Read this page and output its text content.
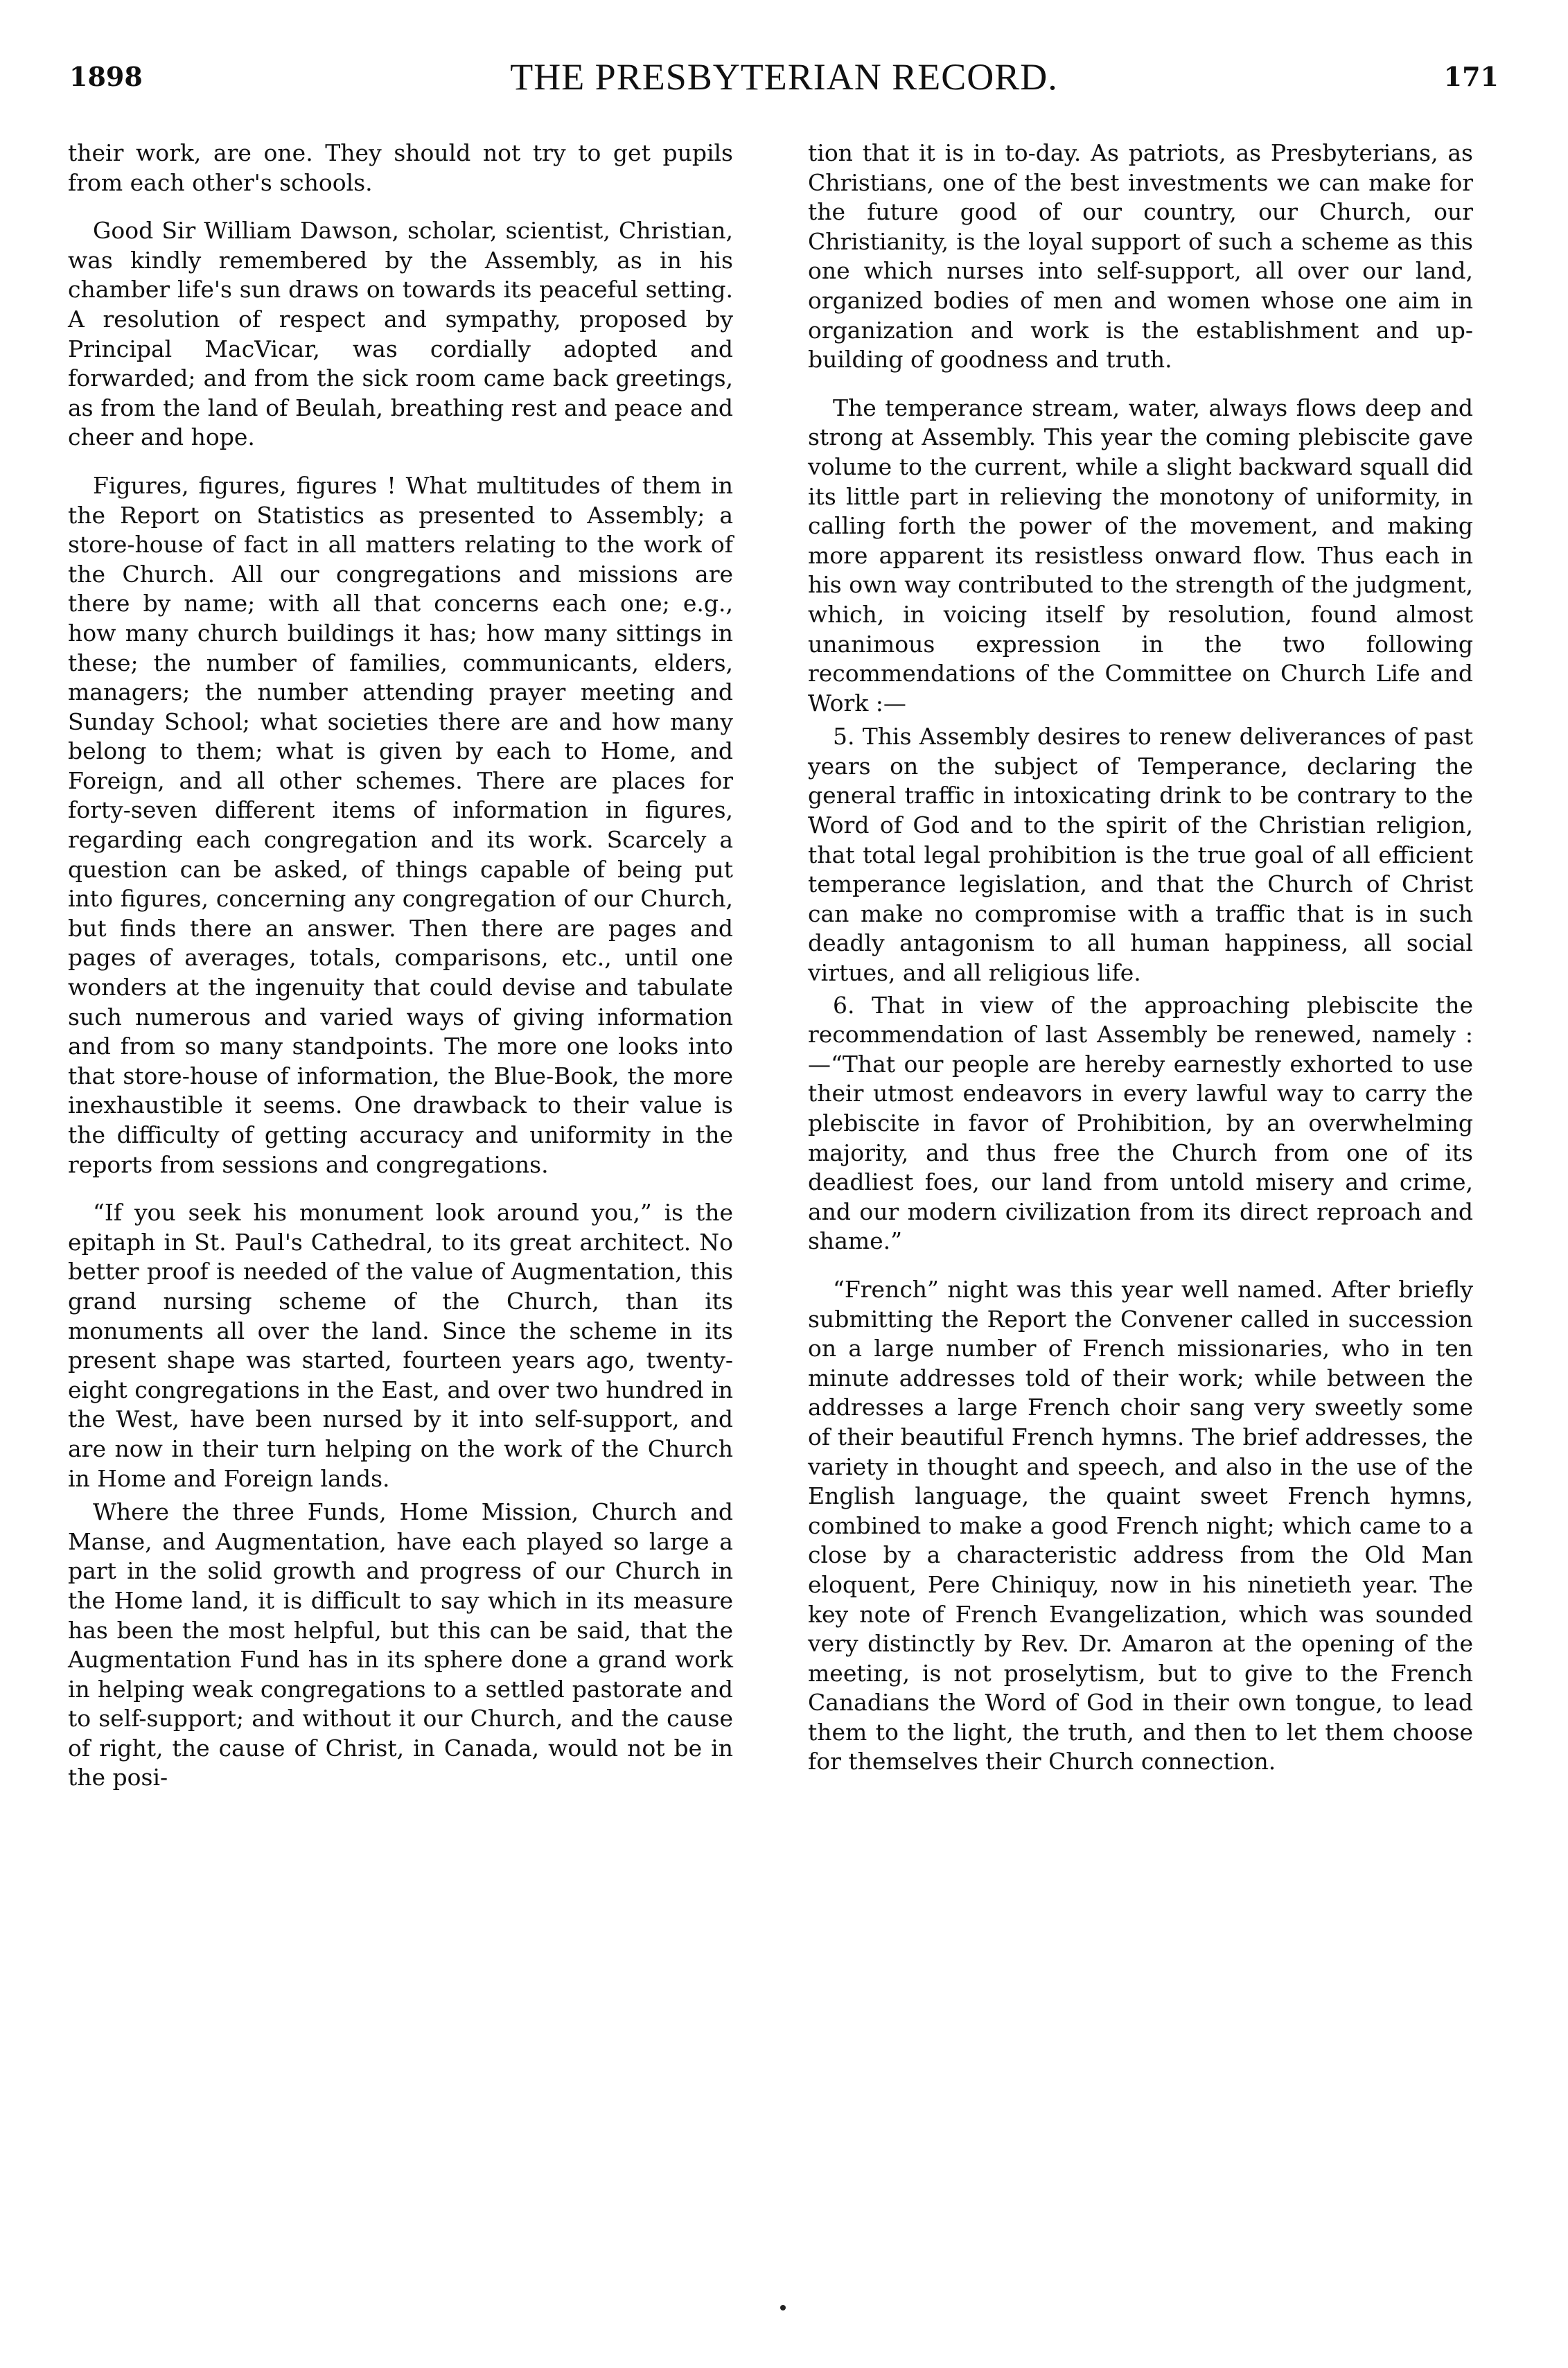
1898	THE PRESBYTERIAN RECORD.	171

their work, are one. They should not try to get pupils from each other's schools.

Good Sir William Dawson, scholar, scientist, Christian, was kindly remembered by the Assembly, as in his chamber life's sun draws on towards its peaceful setting. A resolution of respect and sympathy, proposed by Principal MacVicar, was cordially adopted and forwarded; and from the sick room came back greetings, as from the land of Beulah, breathing rest and peace and cheer and hope.

Figures, figures, figures ! What multitudes of them in the Report on Statistics as presented to Assembly; a store-house of fact in all matters relating to the work of the Church. All our congregations and missions are there by name; with all that concerns each one; e.g., how many church buildings it has; how many sittings in these; the number of families, communicants, elders, managers; the number attending prayer meeting and Sunday School; what societies there are and how many belong to them; what is given by each to Home, and Foreign, and all other schemes. There are places for forty-seven different items of information in figures, regarding each congregation and its work. Scarcely a question can be asked, of things capable of being put into figures, concerning any congregation of our Church, but finds there an answer. Then there are pages and pages of averages, totals, comparisons, etc., until one wonders at the ingenuity that could devise and tabulate such numerous and varied ways of giving information and from so many standpoints. The more one looks into that store-house of information, the Blue-Book, the more inexhaustible it seems. One drawback to their value is the difficulty of getting accuracy and uniformity in the reports from sessions and congregations.

“If you seek his monument look around you,” is the epitaph in St. Paul's Cathedral, to its great architect. No better proof is needed of the value of Augmentation, this grand nursing scheme of the Church, than its monuments all over the land. Since the scheme in its present shape was started, fourteen years ago, twenty-eight congregations in the East, and over two hundred in the West, have been nursed by it into self-support, and are now in their turn helping on the work of the Church in Home and Foreign lands.

Where the three Funds, Home Mission, Church and Manse, and Augmentation, have each played so large a part in the solid growth and progress of our Church in the Home land, it is difficult to say which in its measure has been the most helpful, but this can be said, that the Augmentation Fund has in its sphere done a grand work in helping weak congregations to a settled pastorate and to self-support; and without it our Church, and the cause of right, the cause of Christ, in Canada, would not be in the posi-

tion that it is in to-day. As patriots, as Presbyterians, as Christians, one of the best investments we can make for the future good of our country, our Church, our Christianity, is the loyal support of such a scheme as this one which nurses into self-support, all over our land, organized bodies of men and women whose one aim in organization and work is the establishment and up-building of goodness and truth.

The temperance stream, water, always flows deep and strong at Assembly. This year the coming plebiscite gave volume to the current, while a slight backward squall did its little part in relieving the monotony of uniformity, in calling forth the power of the movement, and making more apparent its resistless onward flow. Thus each in his own way contributed to the strength of the judgment, which, in voicing itself by resolution, found almost unanimous expression in the two following recommendations of the Committee on Church Life and Work :—

5. This Assembly desires to renew deliverances of past years on the subject of Temperance, declaring the general traffic in intoxicating drink to be contrary to the Word of God and to the spirit of the Christian religion, that total legal prohibition is the true goal of all efficient temperance legislation, and that the Church of Christ can make no compromise with a traffic that is in such deadly antagonism to all human happiness, all social virtues, and all religious life.

6. That in view of the approaching plebiscite the recommendation of last Assembly be renewed, namely :—“That our people are hereby earnestly exhorted to use their utmost endeavors in every lawful way to carry the plebiscite in favor of Prohibition, by an overwhelming majority, and thus free the Church from one of its deadliest foes, our land from untold misery and crime, and our modern civilization from its direct reproach and shame.”

“French” night was this year well named. After briefly submitting the Report the Convener called in succession on a large number of French missionaries, who in ten minute addresses told of their work; while between the addresses a large French choir sang very sweetly some of their beautiful French hymns. The brief addresses, the variety in thought and speech, and also in the use of the English language, the quaint sweet French hymns, combined to make a good French night; which came to a close by a characteristic address from the Old Man eloquent, Pere Chiniquy, now in his ninetieth year. The key note of French Evangelization, which was sounded very distinctly by Rev. Dr. Amaron at the opening of the meeting, is not proselytism, but to give to the French Canadians the Word of God in their own tongue, to lead them to the light, the truth, and then to let them choose for themselves their Church connection.
